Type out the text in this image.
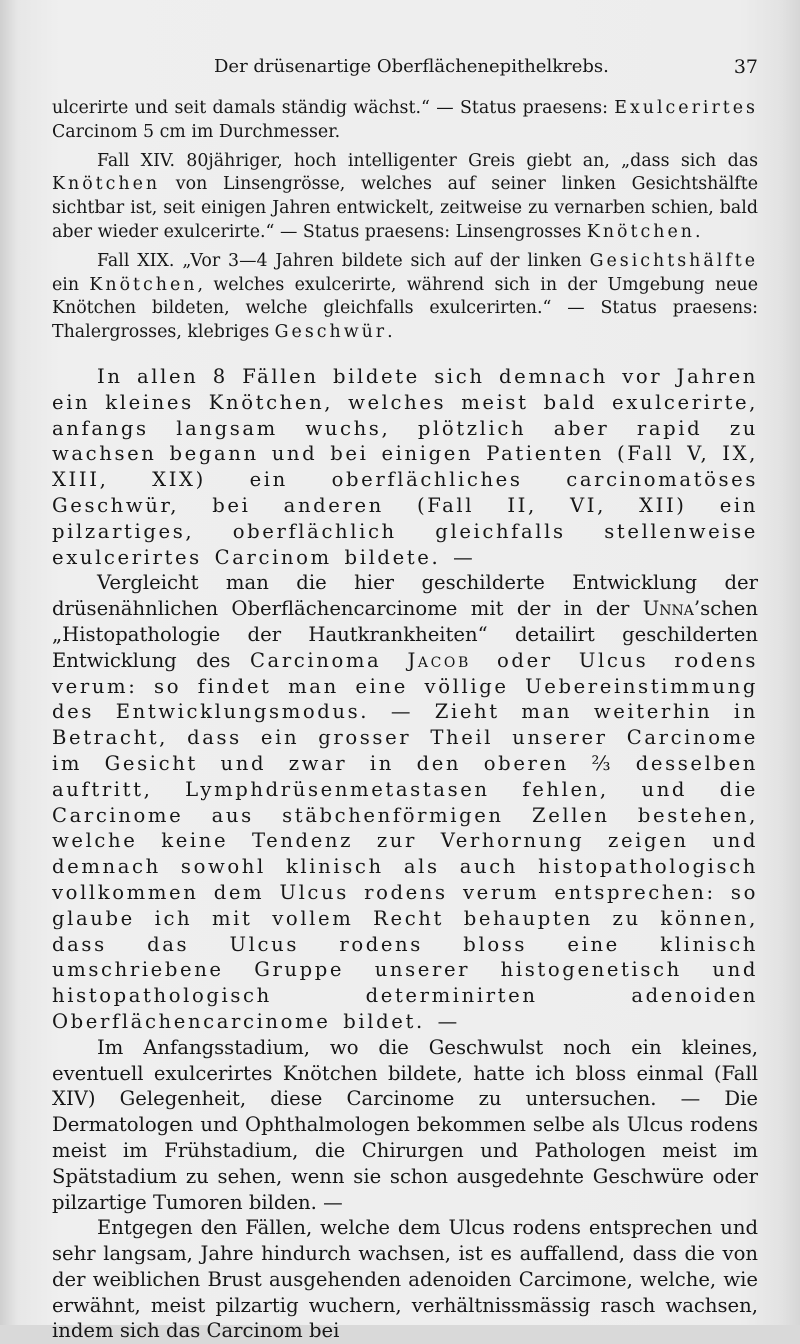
Der drüsenartige Oberflächenepithelkrebs.	37

ulcerirte und seit damals ständig wächst.“ — Status praesens: Exulcerirtes Carcinom 5 cm im Durchmesser.

Fall XIV. 80jähriger, hoch intelligenter Greis giebt an, „dass sich das Knötchen von Linsengrösse, welches auf seiner linken Gesichtshälfte sichtbar ist, seit einigen Jahren entwickelt, zeitweise zu vernarben schien, bald aber wieder exulcerirte.“ — Status praesens: Linsengrosses Knötchen.

Fall XIX. „Vor 3—4 Jahren bildete sich auf der linken Gesichtshälfte ein Knötchen, welches exulcerirte, während sich in der Umgebung neue Knötchen bildeten, welche gleichfalls exulcerirten.“ — Status praesens: Thalergrosses, klebriges Geschwür.

In allen 8 Fällen bildete sich demnach vor Jahren ein kleines Knötchen, welches meist bald exulcerirte, anfangs langsam wuchs, plötzlich aber rapid zu wachsen begann und bei einigen Patienten (Fall V, IX, XIII, XIX) ein oberflächliches carcinomatöses Geschwür, bei anderen (Fall II, VI, XII) ein pilzartiges, oberflächlich gleichfalls stellenweise exulcerirtes Carcinom bildete. —

Vergleicht man die hier geschilderte Entwicklung der drüsenähnlichen Oberflächencarcinome mit der in der Unna’schen „Histopathologie der Hautkrankheiten“ detailirt geschilderten Entwicklung des Carcinoma Jacob oder Ulcus rodens verum: so findet man eine völlige Uebereinstimmung des Entwicklungsmodus. — Zieht man weiterhin in Betracht, dass ein grosser Theil unserer Carcinome im Gesicht und zwar in den oberen ⅔ desselben auftritt, Lymphdrüsenmetastasen fehlen, und die Carcinome aus stäbchenförmigen Zellen bestehen, welche keine Tendenz zur Verhornung zeigen und demnach sowohl klinisch als auch histopathologisch vollkommen dem Ulcus rodens verum entsprechen: so glaube ich mit vollem Recht behaupten zu können, dass das Ulcus rodens bloss eine klinisch umschriebene Gruppe unserer histogenetisch und histopathologisch determinirten adenoiden Oberflächencarcinome bildet. —

Im Anfangsstadium, wo die Geschwulst noch ein kleines, eventuell exulcerirtes Knötchen bildete, hatte ich bloss einmal (Fall XIV) Gelegenheit, diese Carcinome zu untersuchen. — Die Dermatologen und Ophthalmologen bekommen selbe als Ulcus rodens meist im Frühstadium, die Chirurgen und Pathologen meist im Spätstadium zu sehen, wenn sie schon ausgedehnte Geschwüre oder pilzartige Tumoren bilden. —

Entgegen den Fällen, welche dem Ulcus rodens entsprechen und sehr langsam, Jahre hindurch wachsen, ist es auffallend, dass die von der weiblichen Brust ausgehenden adenoiden Carcimone, welche, wie erwähnt, meist pilzartig wuchern, verhältnissmässig rasch wachsen, indem sich das Carcinom bei
